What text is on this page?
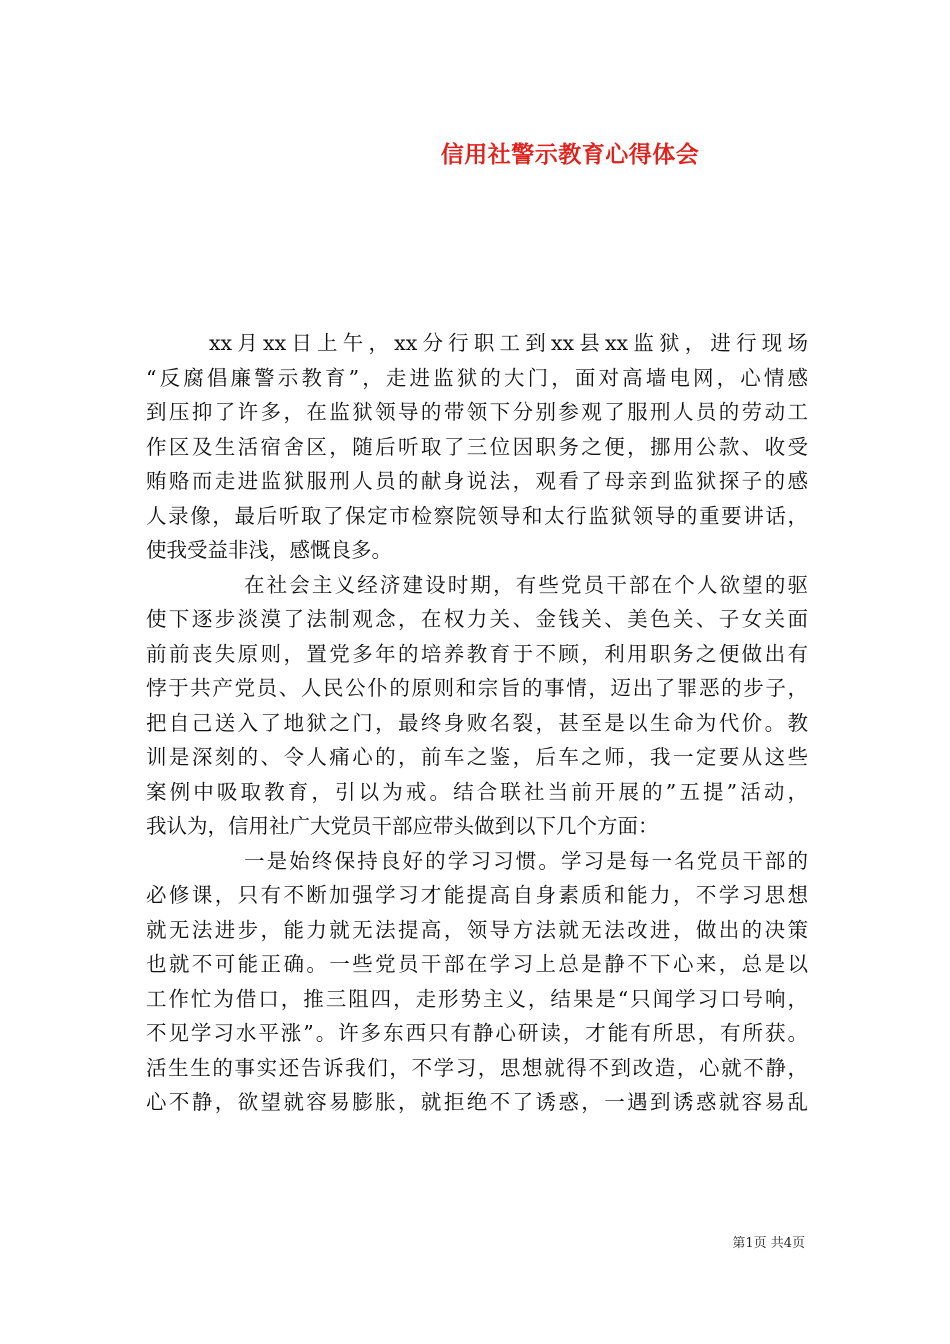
信用社警示教育心得体会
xx月xx日上午，xx分行职工到xx县xx监狱，进行现场
“反腐倡廉警示教育”，走进监狱的大门，面对高墙电网，心情感
到压抑了许多，在监狱领导的带领下分别参观了服刑人员的劳动工
作区及生活宿舍区，随后听取了三位因职务之便，挪用公款、收受
贿赂而走进监狱服刑人员的献身说法，观看了母亲到监狱探子的感
人录像，最后听取了保定市检察院领导和太行监狱领导的重要讲话，
使我受益非浅，感慨良多。
在社会主义经济建设时期，有些党员干部在个人欲望的驱
使下逐步淡漠了法制观念，在权力关、金钱关、美色关、子女关面
前前丧失原则，置党多年的培养教育于不顾，利用职务之便做出有
悖于共产党员、人民公仆的原则和宗旨的事情，迈出了罪恶的步子，
把自己送入了地狱之门，最终身败名裂，甚至是以生命为代价。教
训是深刻的、令人痛心的，前车之鉴，后车之师，我一定要从这些
案例中吸取教育，引以为戒。结合联社当前开展的”五提”活动，
我认为，信用社广大党员干部应带头做到以下几个方面：
一是始终保持良好的学习习惯。学习是每一名党员干部的
必修课，只有不断加强学习才能提高自身素质和能力，不学习思想
就无法进步，能力就无法提高，领导方法就无法改进，做出的决策
也就不可能正确。一些党员干部在学习上总是静不下心来，总是以
工作忙为借口，推三阻四，走形势主义，结果是“只闻学习口号响，
不见学习水平涨”。许多东西只有静心研读，才能有所思，有所获。
活生生的事实还告诉我们，不学习，思想就得不到改造，心就不静，
心不静，欲望就容易膨胀，就拒绝不了诱惑，一遇到诱惑就容易乱
第1页 共4页
